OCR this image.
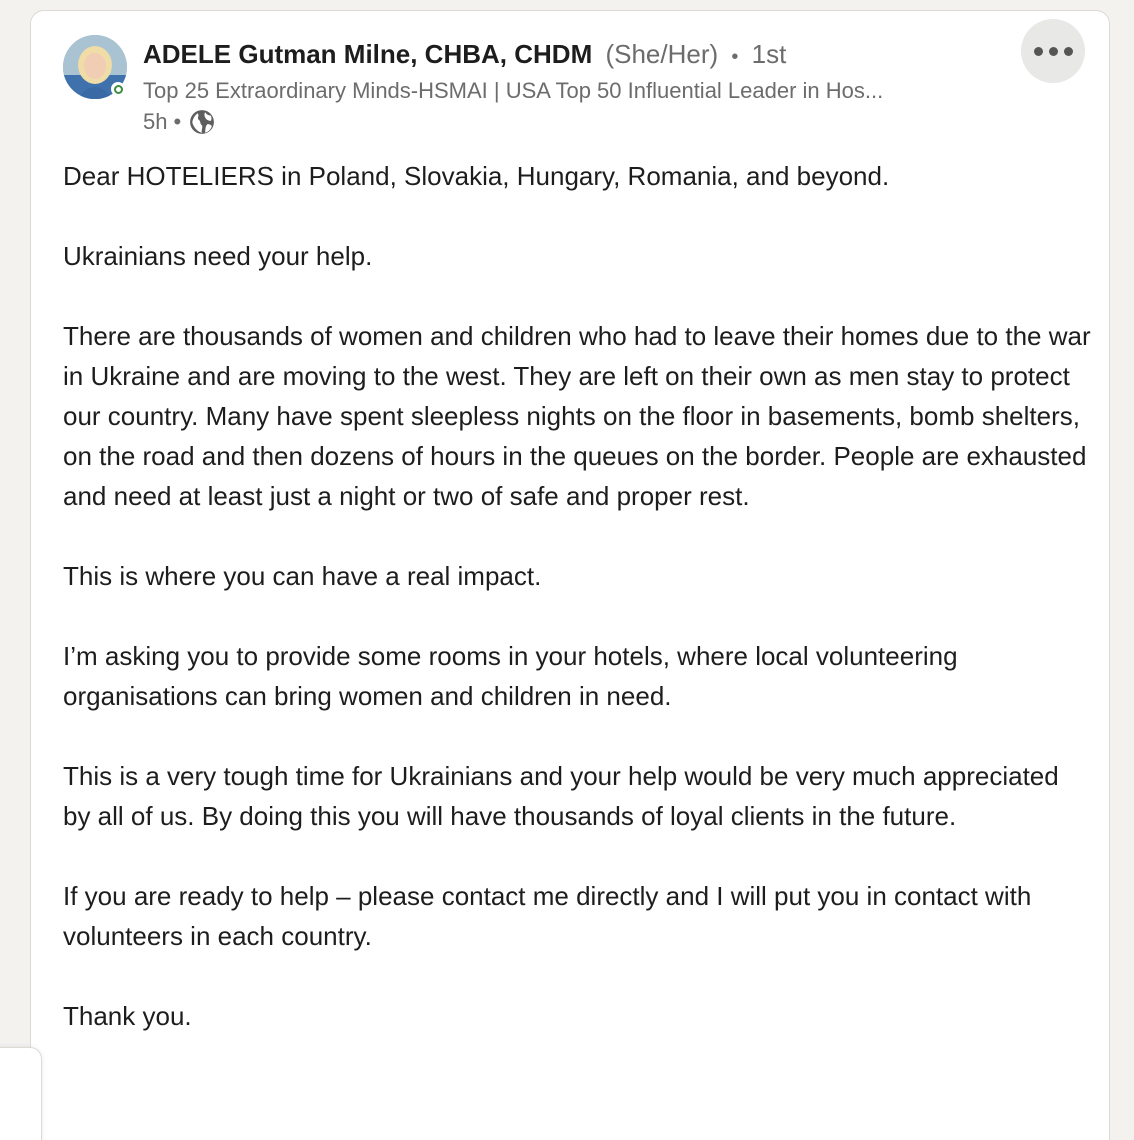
ADELE Gutman Milne, CHBA, CHDM (She/Her) • 1st
Top 25 Extraordinary Minds-HSMAI | USA Top 50 Influential Leader in Hos...
5h •

Dear HOTELIERS in Poland, Slovakia, Hungary, Romania, and beyond.

Ukrainians need your help.

There are thousands of women and children who had to leave their homes due to the war in Ukraine and are moving to the west. They are left on their own as men stay to protect our country. Many have spent sleepless nights on the floor in basements, bomb shelters, on the road and then dozens of hours in the queues on the border. People are exhausted and need at least just a night or two of safe and proper rest.

This is where you can have a real impact.

I’m asking you to provide some rooms in your hotels, where local volunteering organisations can bring women and children in need.

This is a very tough time for Ukrainians and your help would be very much appreciated by all of us. By doing this you will have thousands of loyal clients in the future.

If you are ready to help – please contact me directly and I will put you in contact with volunteers in each country.

Thank you.
